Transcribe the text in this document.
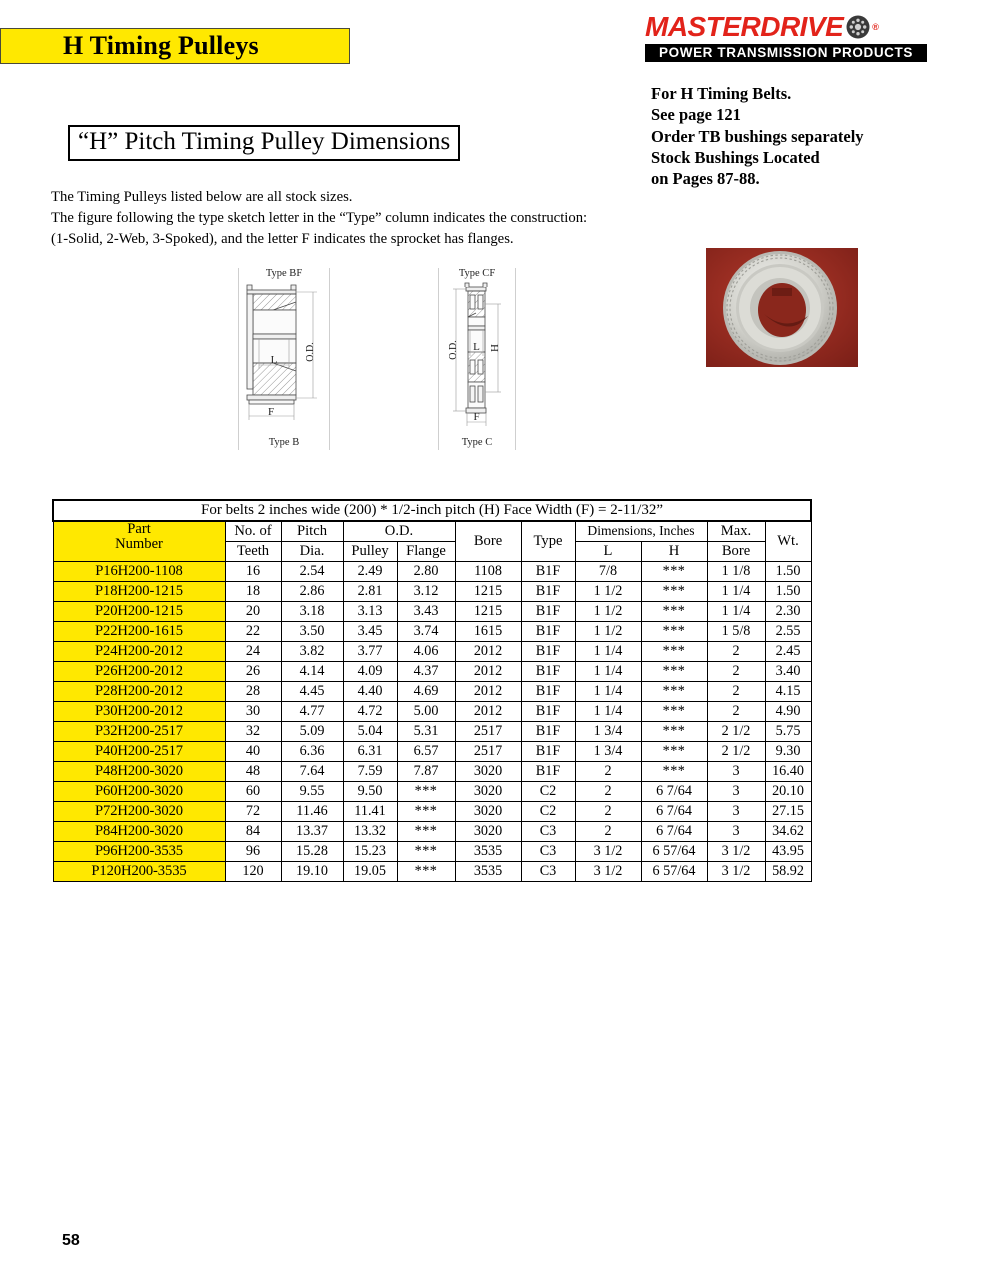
H Timing Pulleys
MASTERDRIVE	®
POWER TRANSMISSION PRODUCTS
For H Timing Belts.
See page 121
Order TB bushings separately
Stock Bushings Located
on Pages 87-88.
“H” Pitch Timing Pulley Dimensions
The Timing Pulleys listed below are all stock sizes.
The figure following the type sketch letter in the “Type” column indicates the construction:
(1-Solid, 2-Web, 3-Spoked), and the letter F indicates the sprocket has flanges.
Type BF
O.D.
L
F
Type B
Type CF
O.D.	H
L
F
Type C
For belts 2 inches wide (200) * 1/2-inch pitch (H) Face Width (F) = 2-11/32”										

Part
Number	No. of	Pitch	O.D.		Bore	Type	Dimensions, Inches		Max.	Wt.
	Teeth	Dia.	Pulley	Flange			L	H	Bore	
P16H200-1108	16	2.54	2.49	2.80	1108	B1F	7/8	***	1 1/8	1.50
P18H200-1215	18	2.86	2.81	3.12	1215	B1F	1 1/2	***	1 1/4	1.50
P20H200-1215	20	3.18	3.13	3.43	1215	B1F	1 1/2	***	1 1/4	2.30
P22H200-1615	22	3.50	3.45	3.74	1615	B1F	1 1/2	***	1 5/8	2.55
P24H200-2012	24	3.82	3.77	4.06	2012	B1F	1 1/4	***	2	2.45
P26H200-2012	26	4.14	4.09	4.37	2012	B1F	1 1/4	***	2	3.40
P28H200-2012	28	4.45	4.40	4.69	2012	B1F	1 1/4	***	2	4.15
P30H200-2012	30	4.77	4.72	5.00	2012	B1F	1 1/4	***	2	4.90
P32H200-2517	32	5.09	5.04	5.31	2517	B1F	1 3/4	***	2 1/2	5.75
P40H200-2517	40	6.36	6.31	6.57	2517	B1F	1 3/4	***	2 1/2	9.30
P48H200-3020	48	7.64	7.59	7.87	3020	B1F	2	***	3	16.40
P60H200-3020	60	9.55	9.50	***	3020	C2	2	6 7/64	3	20.10
P72H200-3020	72	11.46	11.41	***	3020	C2	2	6 7/64	3	27.15
P84H200-3020	84	13.37	13.32	***	3020	C3	2	6 7/64	3	34.62
P96H200-3535	96	15.28	15.23	***	3535	C3	3 1/2	6 57/64	3 1/2	43.95
P120H200-3535	120	19.10	19.05	***	3535	C3	3 1/2	6 57/64	3 1/2	58.92
58
